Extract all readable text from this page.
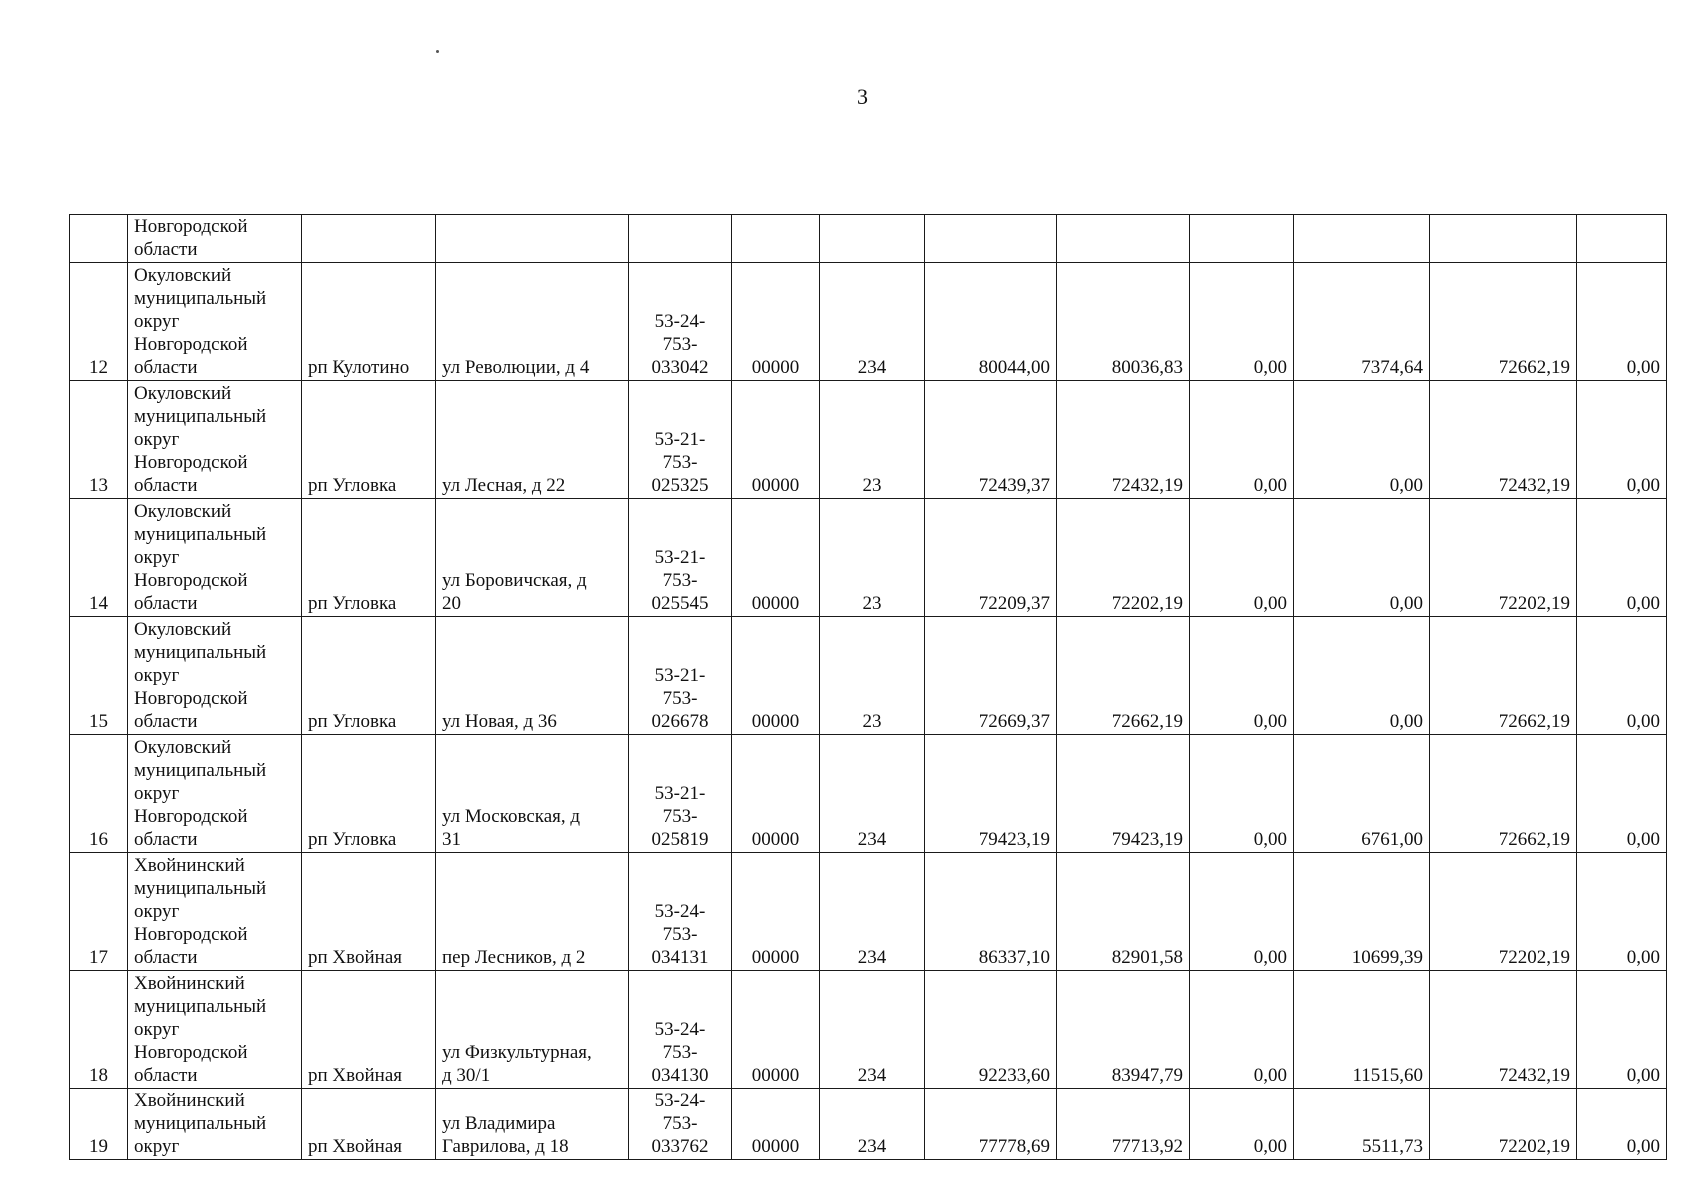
3

	Новгородской
области											

12	Окуловский
муниципальный
округ
Новгородской
области	рп Кулотино	ул Революции, д 4	53-24-
753-
033042	00000	234	80044,00	80036,83	0,00	7374,64	72662,19	0,00

13	Окуловский
муниципальный
округ
Новгородской
области	рп Угловка	ул Лесная, д 22	53-21-
753-
025325	00000	23	72439,37	72432,19	0,00	0,00	72432,19	0,00

14	Окуловский
муниципальный
округ
Новгородской
области	рп Угловка	ул Боровичская, д
20	53-21-
753-
025545	00000	23	72209,37	72202,19	0,00	0,00	72202,19	0,00

15	Окуловский
муниципальный
округ
Новгородской
области	рп Угловка	ул Новая, д 36	53-21-
753-
026678	00000	23	72669,37	72662,19	0,00	0,00	72662,19	0,00

16	Окуловский
муниципальный
округ
Новгородской
области	рп Угловка	ул Московская, д
31	53-21-
753-
025819	00000	234	79423,19	79423,19	0,00	6761,00	72662,19	0,00

17	Хвойнинский
муниципальный
округ
Новгородской
области	рп Хвойная	пер Лесников, д 2	53-24-
753-
034131	00000	234	86337,10	82901,58	0,00	10699,39	72202,19	0,00

18	Хвойнинский
муниципальный
округ
Новгородской
области	рп Хвойная	ул Физкультурная,
д 30/1	53-24-
753-
034130	00000	234	92233,60	83947,79	0,00	11515,60	72432,19	0,00

19	Хвойнинский
муниципальный
округ	рп Хвойная	ул Владимира
Гаврилова, д 18	53-24-
753-
033762	00000	234	77778,69	77713,92	0,00	5511,73	72202,19	0,00
